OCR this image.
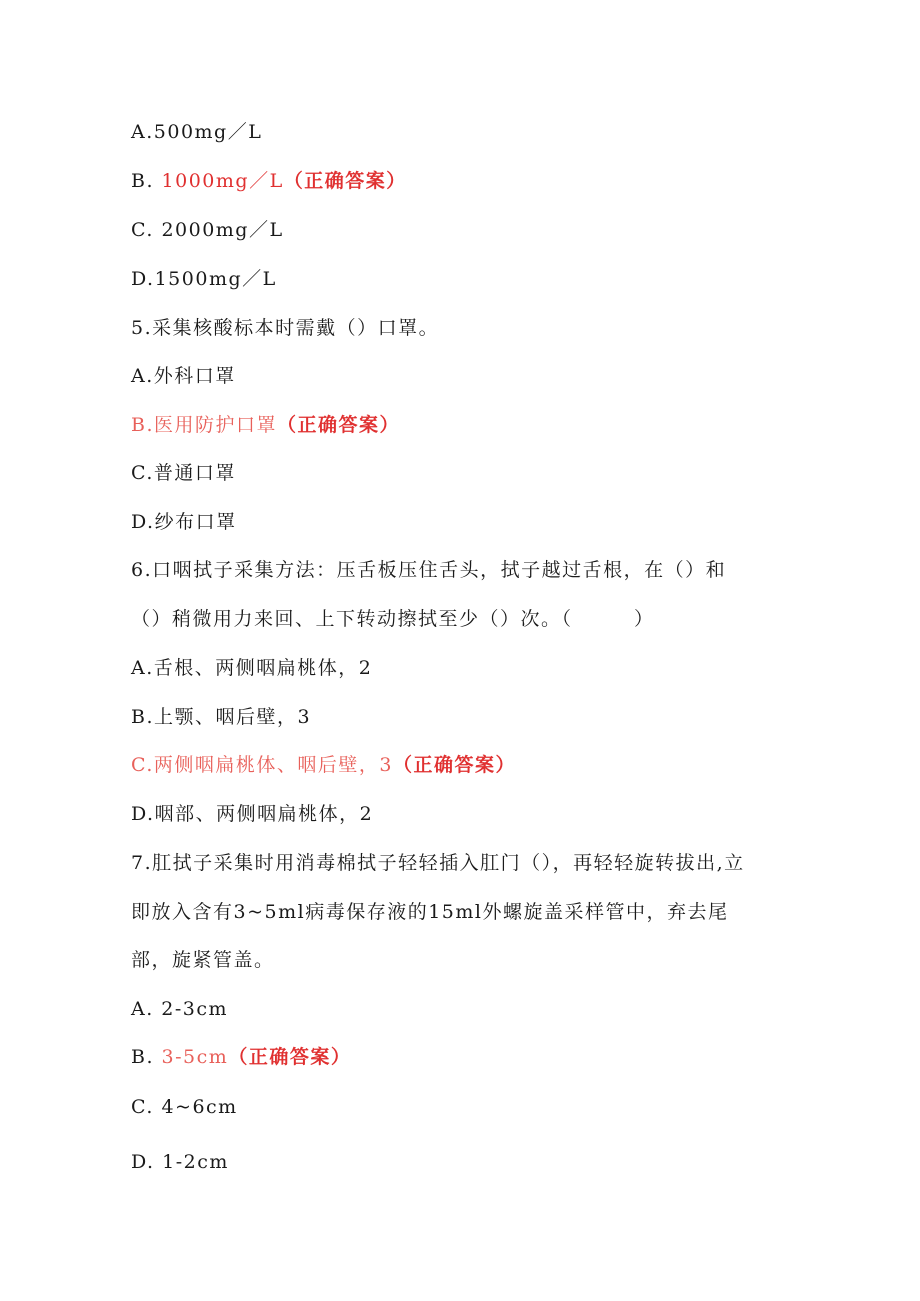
A.500mg／L
B. 1000mg／L（正确答案）
C. 2000mg／L
D.1500mg／L
5.采集核酸标本时需戴（）口罩。
A.外科口罩
B.医用防护口罩（正确答案）
C.普通口罩
D.纱布口罩
6.口咽拭子采集方法：压舌板压住舌头，拭子越过舌根，在（）和
（）稍微用力来回、上下转动擦拭至少（）次。（　　　）
A.舌根、两侧咽扁桃体，2
B.上颚、咽后壁，3
C.两侧咽扁桃体、咽后壁，3（正确答案）
D.咽部、两侧咽扁桃体，2
7.肛拭子采集时用消毒棉拭子轻轻插入肛门（），再轻轻旋转拔出,立
即放入含有3~5ml病毒保存液的15ml外螺旋盖采样管中，弃去尾
部，旋紧管盖。
A. 2-3cm
B. 3-5cm（正确答案）
C. 4~6cm
D. 1-2cm
